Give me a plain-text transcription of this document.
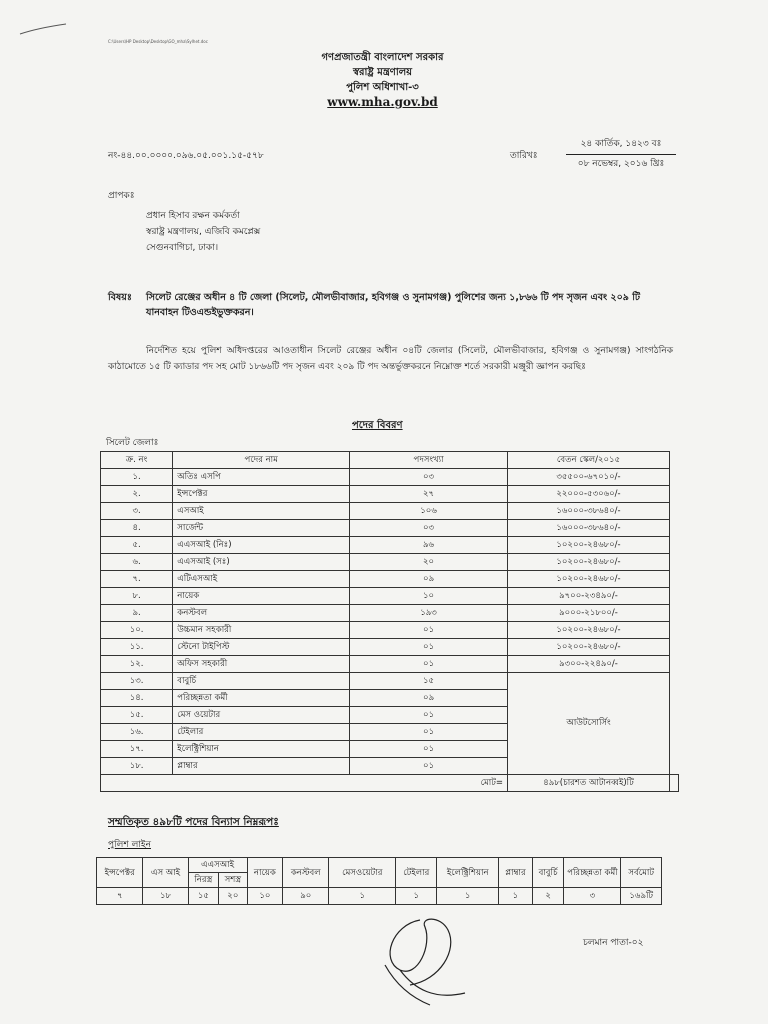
C:\Users\HP Desktop\Desktop\GO_mha\Sylhet.doc
গণপ্রজাতন্ত্রী বাংলাদেশ সরকার
স্বরাষ্ট্র মন্ত্রণালয়
পুলিশ অধিশাখা-৩
www.mha.gov.bd
নং-৪৪.০০.০০০০.০৯৬.০৫.০০১.১৫-৫৭৮	তারিখঃ
২৪ কার্তিক, ১৪২৩ বঃ
০৮ নভেম্বর, ২০১৬ খ্রিঃ
প্রাপকঃ
প্রধান হিসাব রক্ষন কর্মকর্তা
স্বরাষ্ট্র মন্ত্রণালয়, এজিবি কমপ্লেক্স
সেগুনবাগিচা, ঢাকা।
বিষয়ঃ সিলেট রেঞ্জের অধীন ৪ টি জেলা (সিলেট, মৌলভীবাজার, হবিগঞ্জ ও সুনামগঞ্জ) পুলিশের জন্য ১,৮৬৬ টি পদ সৃজন এবং ২০৯ টি যানবাহন টিওএন্ডইভুক্তকরন।
নির্দেশিত হয়ে পুলিশ অধিদপ্তরের আওতাধীন সিলেট রেঞ্জের অধীন ০৪টি জেলার (সিলেট, মৌলভীবাজার, হবিগঞ্জ ও সুনামগঞ্জ) সাংগঠনিক কাঠামোতে ১৫ টি ক্যাডার পদ সহ মোট ১৮৬৬টি পদ সৃজন এবং ২০৯ টি পদ অন্তর্ভুক্তকরনে নিম্নোক্ত শর্তে সরকারী মঞ্জুরী জ্ঞাপন করছিঃ
পদের বিবরণ
সিলেট জেলাঃ
ক্র. নং	পদের নাম	পদসংখ্যা	বেতন স্কেল/২০১৫	
১.	অতিঃ এসপি	০৩	৩৫৫০০-৬৭০১০/-	
২.	ইন্সপেক্টর	২৭	২২০০০-৫৩০৬০/-	
৩.	এসআই	১০৬	১৬০০০-৩৮৬৪০/-	
৪.	সার্জেন্ট	০৩	১৬০০০-৩৮৬৪০/-	
৫.	এএসআই (নিঃ)	৯৬	১০২০০-২৪৬৮০/-	
৬.	এএসআই (সঃ)	২০	১০২০০-২৪৬৮০/-	
৭.	এটিএসআই	০৯	১০২০০-২৪৬৮০/-	
৮.	নায়েক	১০	৯৭০০-২৩৪৯০/-	
৯.	কনস্টবল	১৯৩	৯০০০-২১৮০০/-	
১০.	উচ্চমান সহকারী	০১	১০২০০-২৪৬৮০/-	
১১.	স্টেনো টাইপিস্ট	০১	১০২০০-২৪৬৮০/-	
১২.	অফিস সহকারী	০১	৯৩০০-২২৪৯০/-	
১৩.	বাবুর্চি	১৫	আউটসোর্সিং	
১৪.	পরিচ্ছন্নতা কর্মী	০৯		
১৫.	মেস ওয়েটার	০১		
১৬.	টেইলার	০১		
১৭.	ইলেক্ট্রিশিয়ান	০১		
১৮.	প্লাম্বার	০১		
		মোট=	৪৯৮(চারশত আটানব্বই)টি	
সম্মতিকৃত ৪৯৮টি পদের বিন্যাস নিম্নরূপঃ
পুলিশ লাইন
ইন্সপেক্টর	এস আই	এএসআই		নায়েক	কনস্টবল	মেসওয়েটার	টেইলার	ইলেক্ট্রিশিয়ান	প্লাম্বার	বাবুর্চি	পরিচ্ছন্নতা কর্মী	সর্বমোট
		নিরস্ত্র	সশস্ত্র									
৭	১৮	১৫	২০	১০	৯০	১	১	১	১	২	৩	১৬৯টি
চলমান পাতা-০২
